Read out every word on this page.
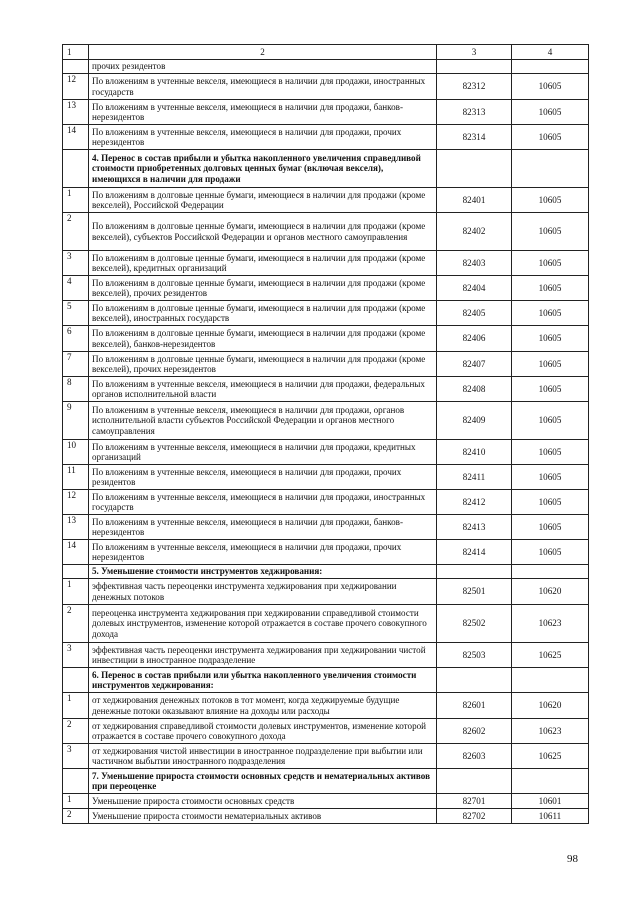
1	2	3	4
	прочих резидентов		
12	По вложениям в учтенные векселя, имеющиеся в наличии для продажи, иностранных государств	82312	10605
13	По вложениям в учтенные векселя, имеющиеся в наличии для продажи, банков-нерезидентов	82313	10605
14	По вложениям в учтенные векселя, имеющиеся в наличии для продажи, прочих нерезидентов	82314	10605
	4. Перенос в состав прибыли и убытка накопленного увеличения справедливой стоимости приобретенных долговых ценных бумаг (включая векселя), имеющихся в наличии для продажи		
1	По вложениям в долговые ценные бумаги, имеющиеся в наличии для продажи (кроме векселей), Российской Федерации	82401	10605
2	По вложениям в долговые ценные бумаги, имеющиеся в наличии для продажи (кроме векселей), субъектов Российской Федерации и органов местного самоуправления	82402	10605
3	По вложениям в долговые ценные бумаги, имеющиеся в наличии для продажи (кроме векселей), кредитных организаций	82403	10605
4	По вложениям в долговые ценные бумаги, имеющиеся в наличии для продажи (кроме векселей), прочих резидентов	82404	10605
5	По вложениям в долговые ценные бумаги, имеющиеся в наличии для продажи (кроме векселей), иностранных государств	82405	10605
6	По вложениям в долговые ценные бумаги, имеющиеся в наличии для продажи (кроме векселей), банков-нерезидентов	82406	10605
7	По вложениям в долговые ценные бумаги, имеющиеся в наличии для продажи (кроме векселей), прочих нерезидентов	82407	10605
8	По вложениям в учтенные векселя, имеющиеся в наличии для продажи, федеральных органов исполнительной власти	82408	10605
9	По вложениям в учтенные векселя, имеющиеся в наличии для продажи, органов исполнительной власти субъектов Российской Федерации и органов местного самоуправления	82409	10605
10	По вложениям в учтенные векселя, имеющиеся в наличии для продажи, кредитных организаций	82410	10605
11	По вложениям в учтенные векселя, имеющиеся в наличии для продажи, прочих резидентов	82411	10605
12	По вложениям в учтенные векселя, имеющиеся в наличии для продажи, иностранных государств	82412	10605
13	По вложениям в учтенные векселя, имеющиеся в наличии для продажи, банков-нерезидентов	82413	10605
14	По вложениям в учтенные векселя, имеющиеся в наличии для продажи, прочих нерезидентов	82414	10605
	5. Уменьшение стоимости инструментов хеджирования:		
1	эффективная часть переоценки инструмента хеджирования при хеджировании денежных потоков	82501	10620
2	переоценка инструмента хеджирования при хеджировании справедливой стоимости долевых инструментов, изменение которой отражается в составе прочего совокупного дохода	82502	10623
3	эффективная часть переоценки инструмента хеджирования при хеджировании чистой инвестиции в иностранное подразделение	82503	10625
	6. Перенос в состав прибыли или убытка накопленного увеличения стоимости инструментов хеджирования:		
1	от хеджирования денежных потоков в тот момент, когда хеджируемые будущие денежные потоки оказывают влияние на доходы или расходы	82601	10620
2	от хеджирования справедливой стоимости долевых инструментов, изменение которой отражается в составе прочего совокупного дохода	82602	10623
3	от хеджирования чистой инвестиции в иностранное подразделение при выбытии или частичном выбытии иностранного подразделения	82603	10625
	7. Уменьшение прироста стоимости основных средств и нематериальных активов при переоценке		
1	Уменьшение прироста стоимости основных средств	82701	10601
2	Уменьшение прироста стоимости нематериальных активов	82702	10611
98
